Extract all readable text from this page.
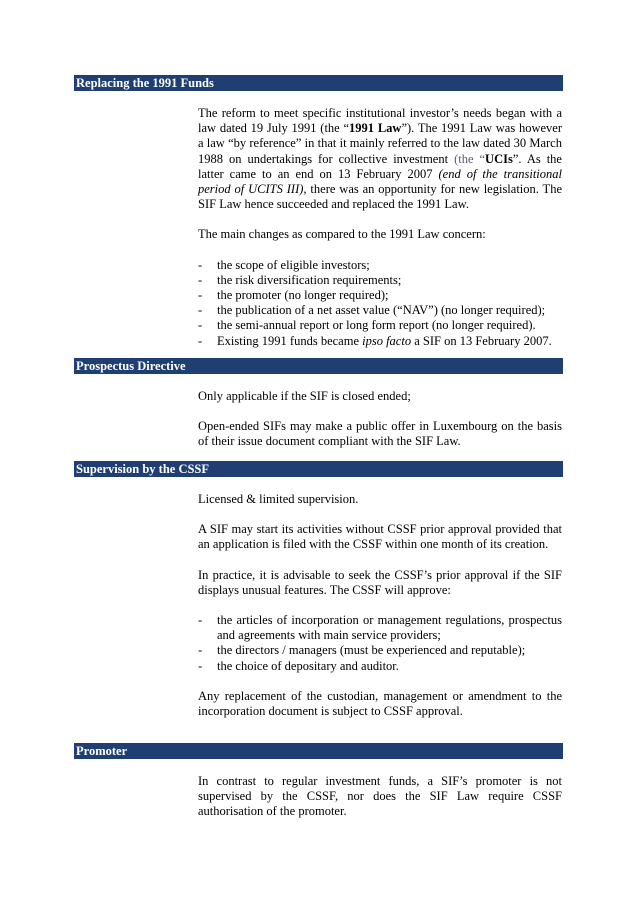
Replacing the 1991 Funds

The reform to meet specific institutional investor’s needs began with a law dated 19 July 1991 (the “1991 Law”). The 1991 Law was however a law “by reference” in that it mainly referred to the law dated 30 March 1988 on undertakings for collective investment (the “UCIs”. As the latter came to an end on 13 February 2007 (end of the transitional period of UCITS III), there was an opportunity for new legislation. The SIF Law hence succeeded and replaced the 1991 Law.

The main changes as compared to the 1991 Law concern:

- the scope of eligible investors;
- the risk diversification requirements;
- the promoter (no longer required);
- the publication of a net asset value (“NAV”) (no longer required);
- the semi-annual report or long form report (no longer required).
- Existing 1991 funds became ipso facto a SIF on 13 February 2007.
Prospectus Directive

Only applicable if the SIF is closed ended;

Open-ended SIFs may make a public offer in Luxembourg on the basis of their issue document compliant with the SIF Law.

Supervision by the CSSF

Licensed & limited supervision.

A SIF may start its activities without CSSF prior approval provided that an application is filed with the CSSF within one month of its creation.

In practice, it is advisable to seek the CSSF’s prior approval if the SIF displays unusual features. The CSSF will approve:

- the articles of incorporation or management regulations, prospectus and agreements with main service providers;
- the directors / managers (must be experienced and reputable);
- the choice of depositary and auditor.

Any replacement of the custodian, management or amendment to the incorporation document is subject to CSSF approval.

Promoter

In contrast to regular investment funds, a SIF’s promoter is not supervised by the CSSF, nor does the SIF Law require CSSF authorisation of the promoter.
